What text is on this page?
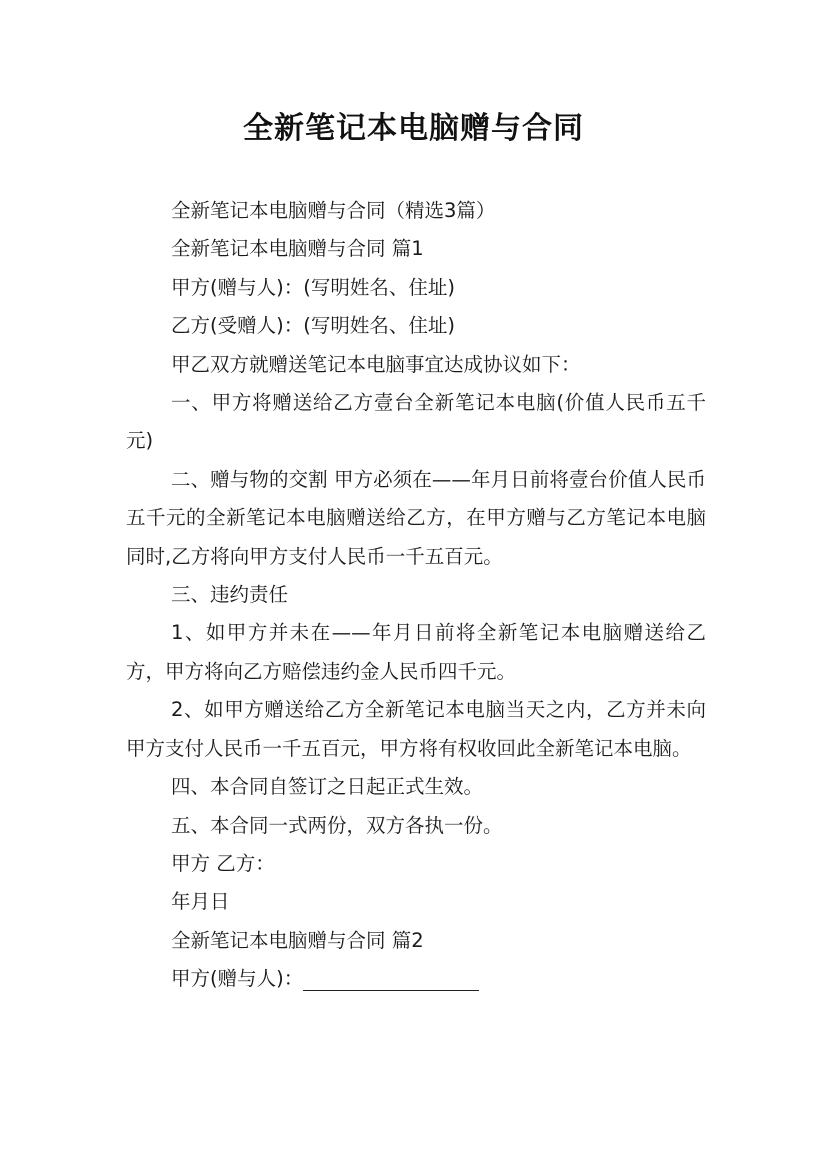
全新笔记本电脑赠与合同

全新笔记本电脑赠与合同（精选3篇）

全新笔记本电脑赠与合同 篇1

甲方(赠与人)：(写明姓名、住址)

乙方(受赠人)：(写明姓名、住址)

甲乙双方就赠送笔记本电脑事宜达成协议如下：

一、甲方将赠送给乙方壹台全新笔记本电脑(价值人民币五千元)

二、赠与物的交割 甲方必须在——年月日前将壹台价值人民币五千元的全新笔记本电脑赠送给乙方，在甲方赠与乙方笔记本电脑同时,乙方将向甲方支付人民币一千五百元。

三、违约责任

1、如甲方并未在——年月日前将全新笔记本电脑赠送给乙方，甲方将向乙方赔偿违约金人民币四千元。

2、如甲方赠送给乙方全新笔记本电脑当天之内，乙方并未向甲方支付人民币一千五百元，甲方将有权收回此全新笔记本电脑。

四、本合同自签订之日起正式生效。

五、本合同一式两份，双方各执一份。

甲方 乙方：

年月日

全新笔记本电脑赠与合同 篇2

甲方(赠与人)：
